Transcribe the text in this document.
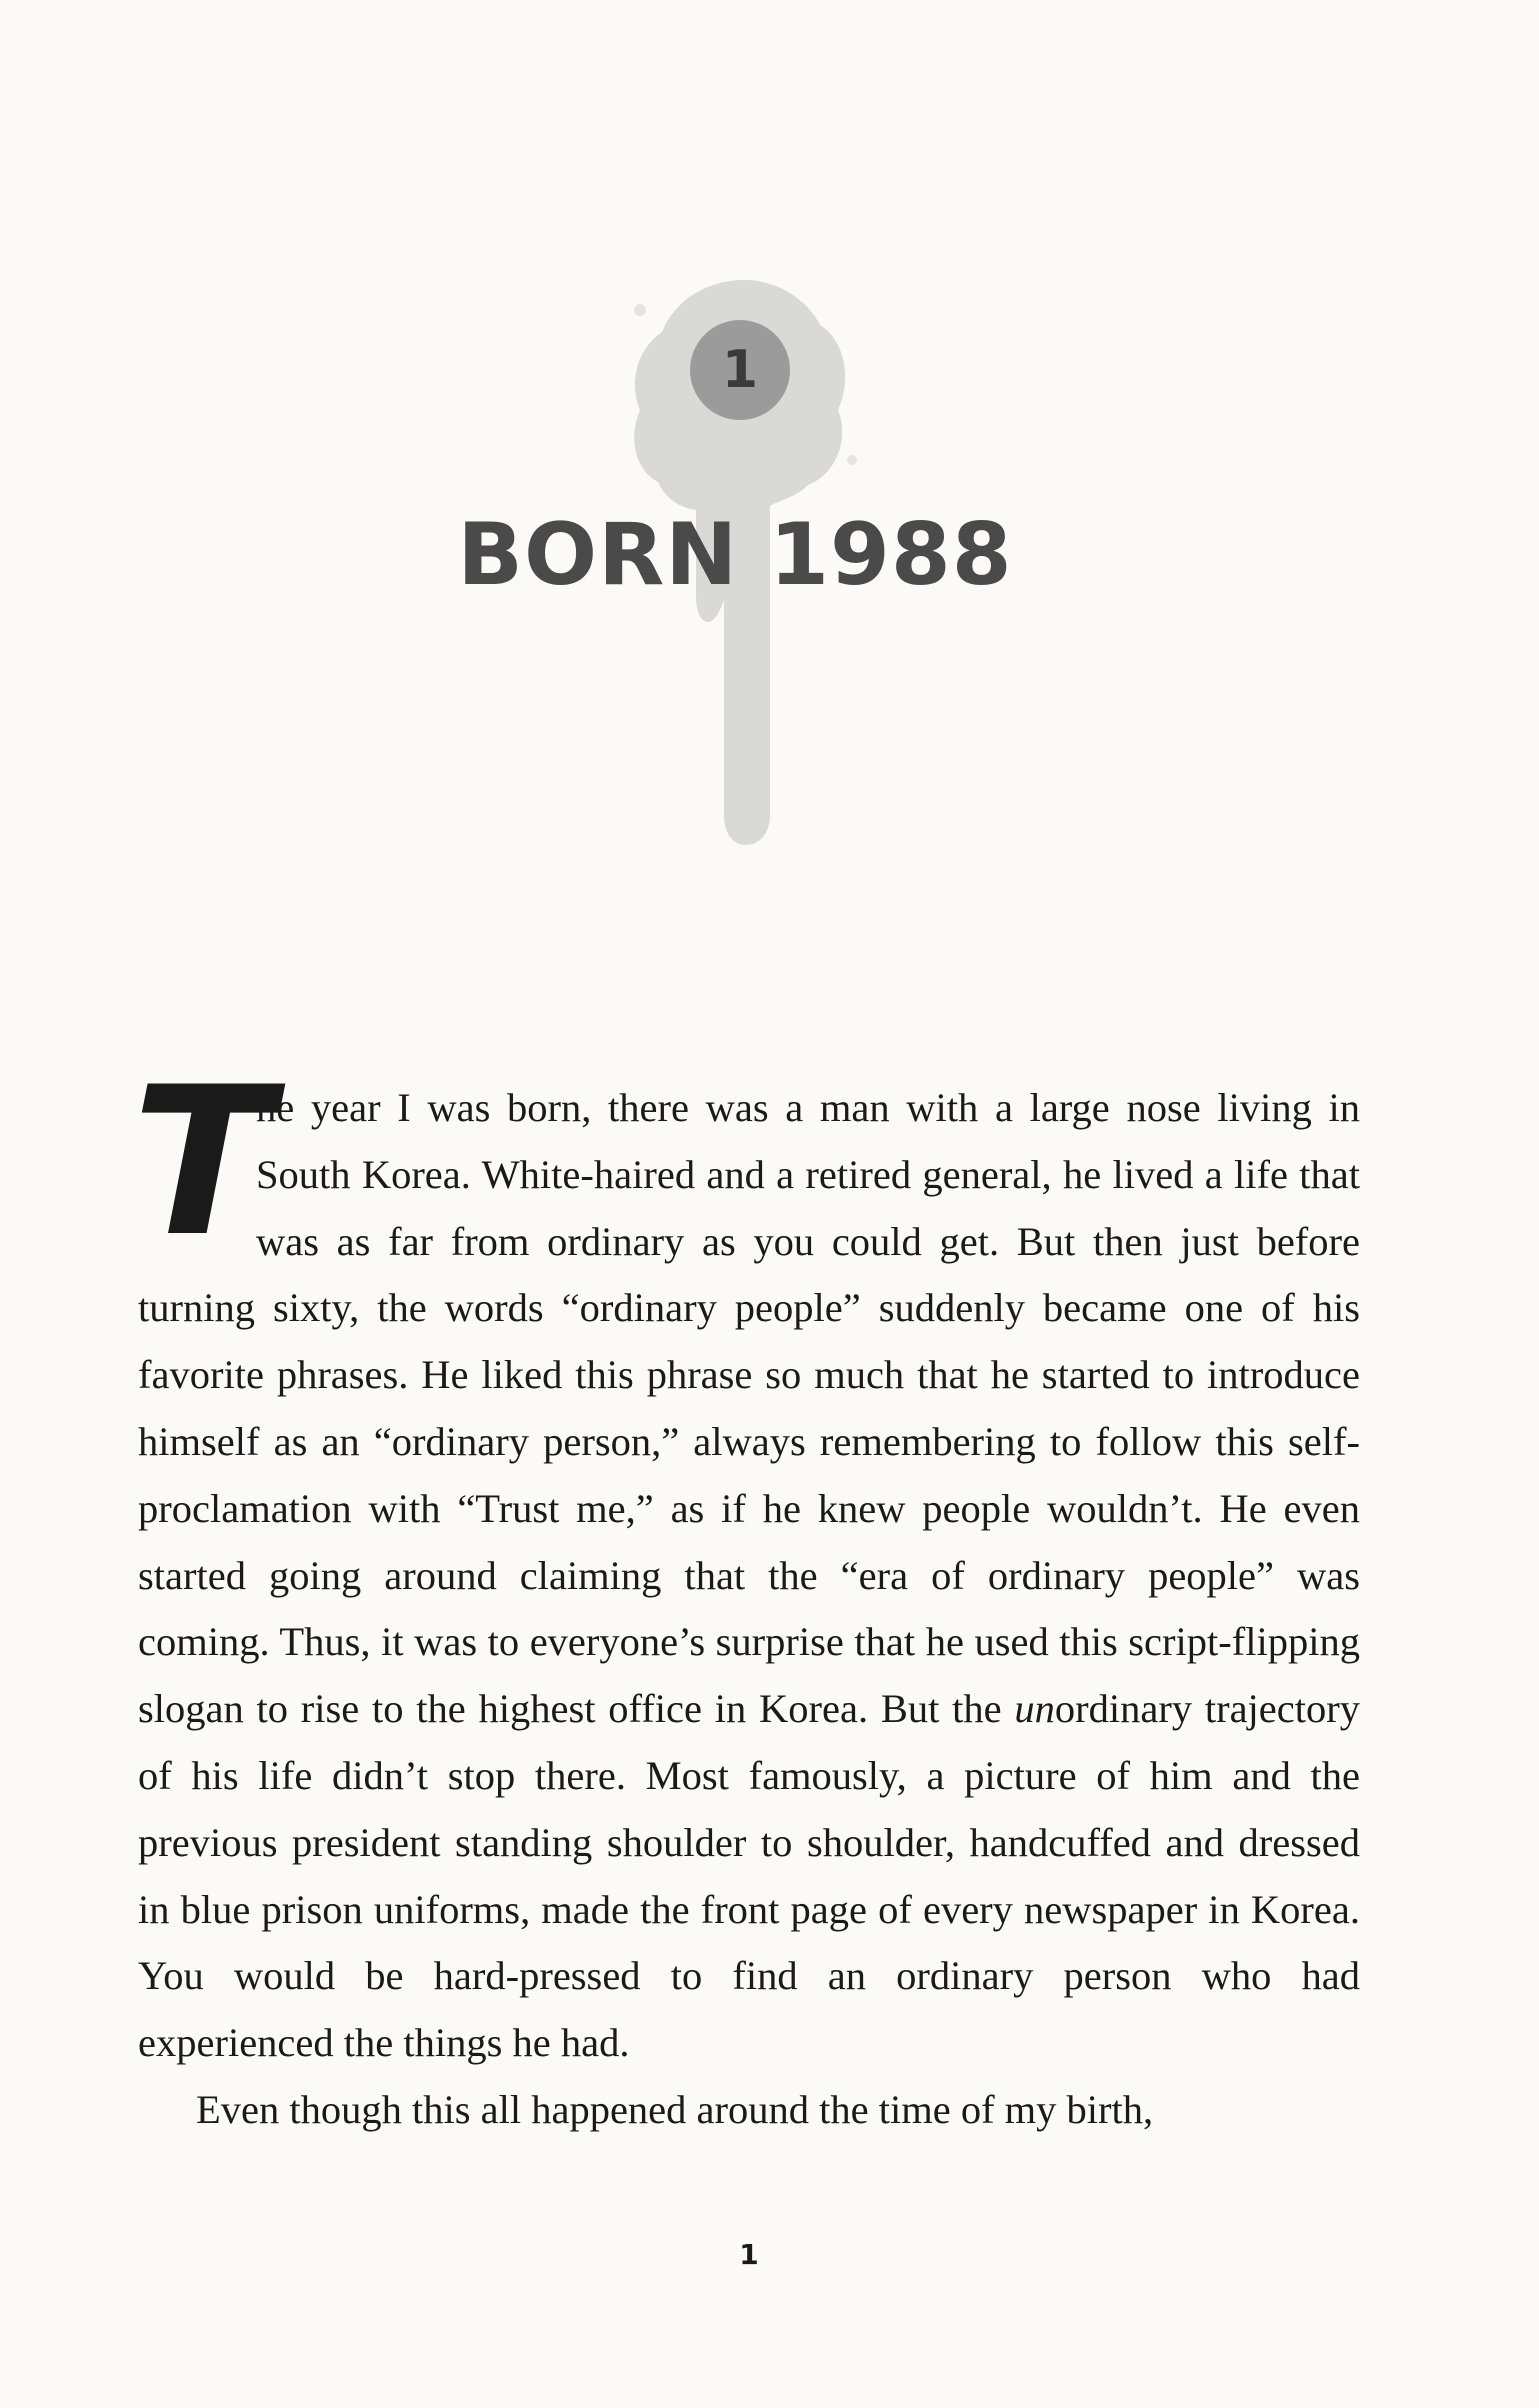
1
BORN 1988

T
he year I was born, there was a man with a large nose living in South Korea. White-haired and a retired general, he lived a life that was as far from ordinary as you could get. But then just before turning sixty, the words “ordinary people” suddenly became one of his favorite phrases. He liked this phrase so much that he started to introduce himself as an “ordinary person,” always remembering to follow this self-proclamation with “Trust me,” as if he knew people wouldn’t. He even started going around claiming that the “era of ordinary people” was coming. Thus, it was to everyone’s surprise that he used this script-flipping slogan to rise to the highest office in Korea. But the unordinary trajectory of his life didn’t stop there. Most famously, a picture of him and the previous president standing shoulder to shoulder, handcuffed and dressed in blue prison uniforms, made the front page of every newspaper in Korea. You would be hard-pressed to find an ordinary person who had experienced the things he had.

Even though this all happened around the time of my birth,

1
